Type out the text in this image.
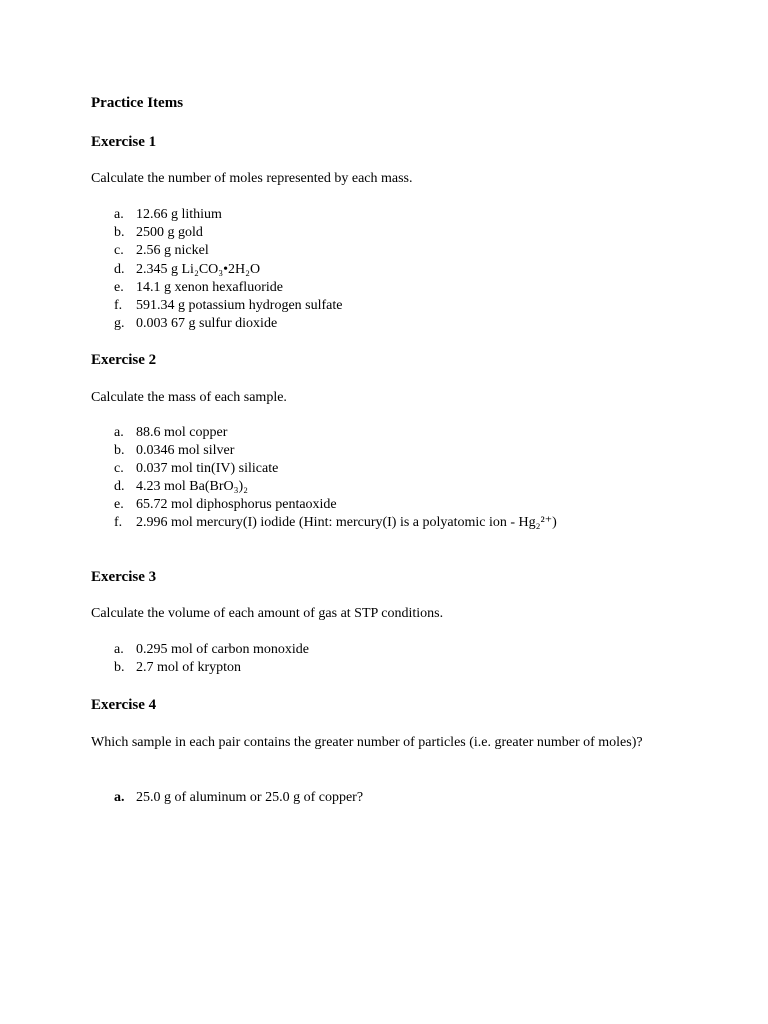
Practice Items
Exercise 1
Calculate the number of moles represented by each mass.
a. 12.66 g lithium
b. 2500 g gold
c. 2.56 g nickel
d. 2.345 g Li₂CO₃•2H₂O
e. 14.1 g xenon hexafluoride
f. 591.34 g potassium hydrogen sulfate
g. 0.003 67 g sulfur dioxide
Exercise 2
Calculate the mass of each sample.
a. 88.6 mol copper
b. 0.0346 mol silver
c. 0.037 mol tin(IV) silicate
d. 4.23 mol Ba(BrO₃)₂
e. 65.72 mol diphosphorus pentaoxide
f. 2.996 mol mercury(I) iodide (Hint: mercury(I) is a polyatomic ion - Hg₂²⁺)
Exercise 3
Calculate the volume of each amount of gas at STP conditions.
a. 0.295 mol of carbon monoxide
b. 2.7 mol of krypton
Exercise 4
Which sample in each pair contains the greater number of particles (i.e. greater number of moles)?
a. 25.0 g of aluminum or 25.0 g of copper?
